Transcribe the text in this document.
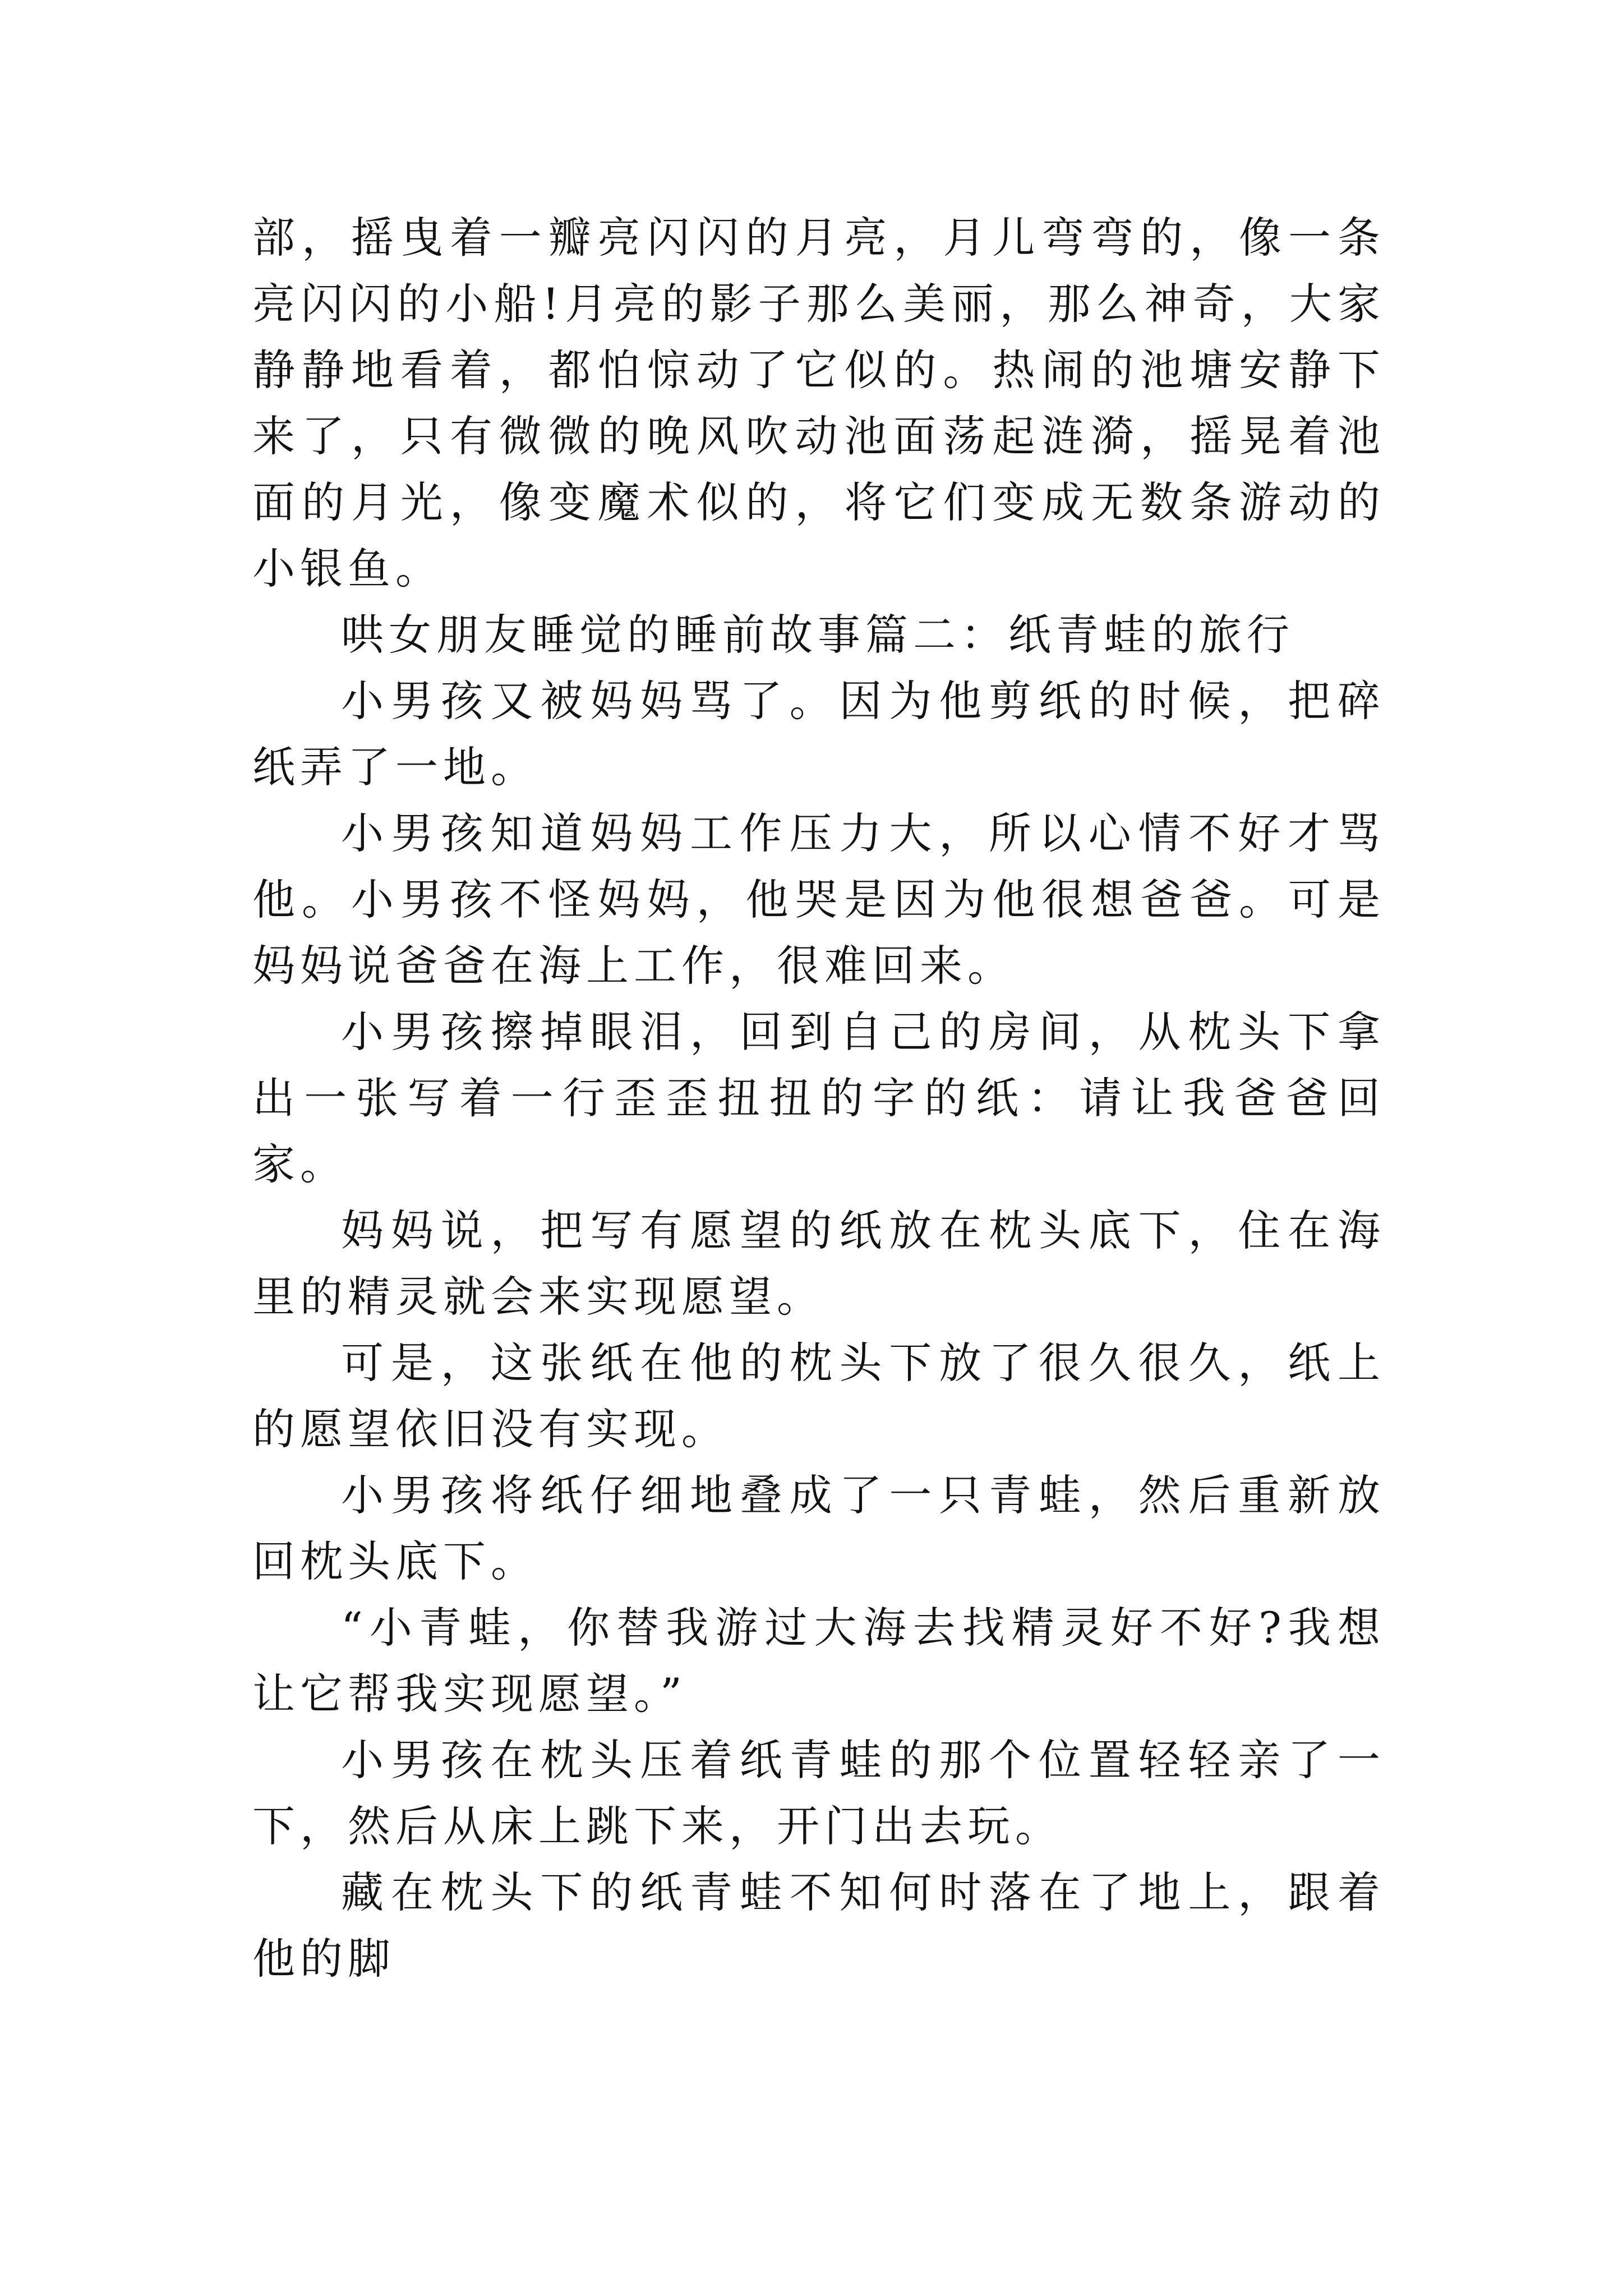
部，摇曳着一瓣亮闪闪的月亮，月儿弯弯的，像一条亮闪闪的小船!月亮的影子那么美丽，那么神奇，大家静静地看着，都怕惊动了它似的。热闹的池塘安静下来了，只有微微的晚风吹动池面荡起涟漪，摇晃着池面的月光，像变魔术似的，将它们变成无数条游动的小银鱼。

哄女朋友睡觉的睡前故事篇二：纸青蛙的旅行

小男孩又被妈妈骂了。因为他剪纸的时候，把碎纸弄了一地。

小男孩知道妈妈工作压力大，所以心情不好才骂他。小男孩不怪妈妈，他哭是因为他很想爸爸。可是妈妈说爸爸在海上工作，很难回来。

小男孩擦掉眼泪，回到自己的房间，从枕头下拿出一张写着一行歪歪扭扭的字的纸：请让我爸爸回家。

妈妈说，把写有愿望的纸放在枕头底下，住在海里的精灵就会来实现愿望。

可是，这张纸在他的枕头下放了很久很久，纸上的愿望依旧没有实现。

小男孩将纸仔细地叠成了一只青蛙，然后重新放回枕头底下。

“小青蛙，你替我游过大海去找精灵好不好?我想让它帮我实现愿望。”

小男孩在枕头压着纸青蛙的那个位置轻轻亲了一下，然后从床上跳下来，开门出去玩。

藏在枕头下的纸青蛙不知何时落在了地上，跟着他的脚
